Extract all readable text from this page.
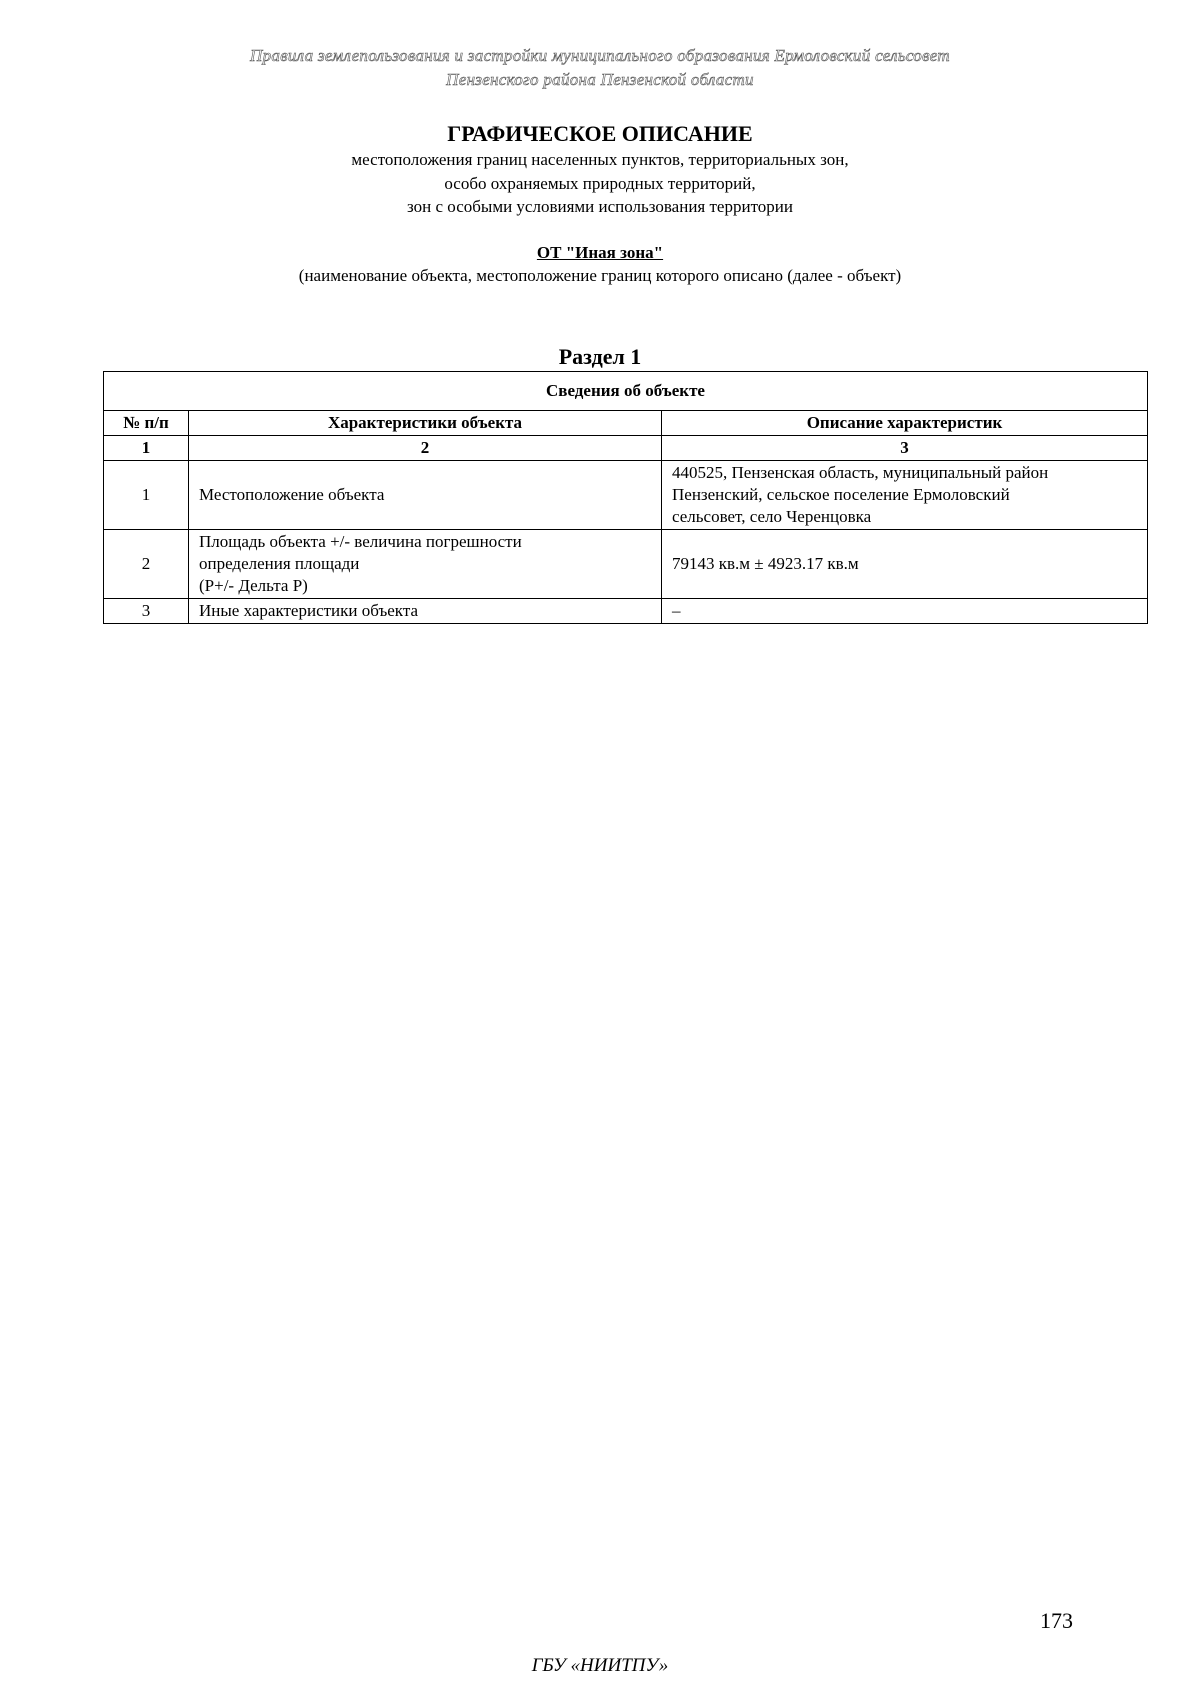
Правила землепользования и застройки муниципального образования Ермоловский сельсовет
Пензенского района Пензенской области
ГРАФИЧЕСКОЕ ОПИСАНИЕ
местоположения границ населенных пунктов, территориальных зон,
особо охраняемых природных территорий,
зон с особыми условиями использования территории
ОТ "Иная зона"
(наименование объекта, местоположение границ которого описано (далее - объект)
Раздел 1
Сведения об объекте		
№ п/п	Характеристики объекта	Описание характеристик
1	2	3
1	Местоположение объекта	440525, Пензенская область, муниципальный район
Пензенский, сельское поселение Ермоловский
сельсовет, село Черенцовка

2	Площадь объекта +/- величина погрешности
определения площади
(Р+/- Дельта Р)	79143 кв.м ± 4923.17 кв.м

3	Иные характеристики объекта	–
173
ГБУ «НИИТПУ»
